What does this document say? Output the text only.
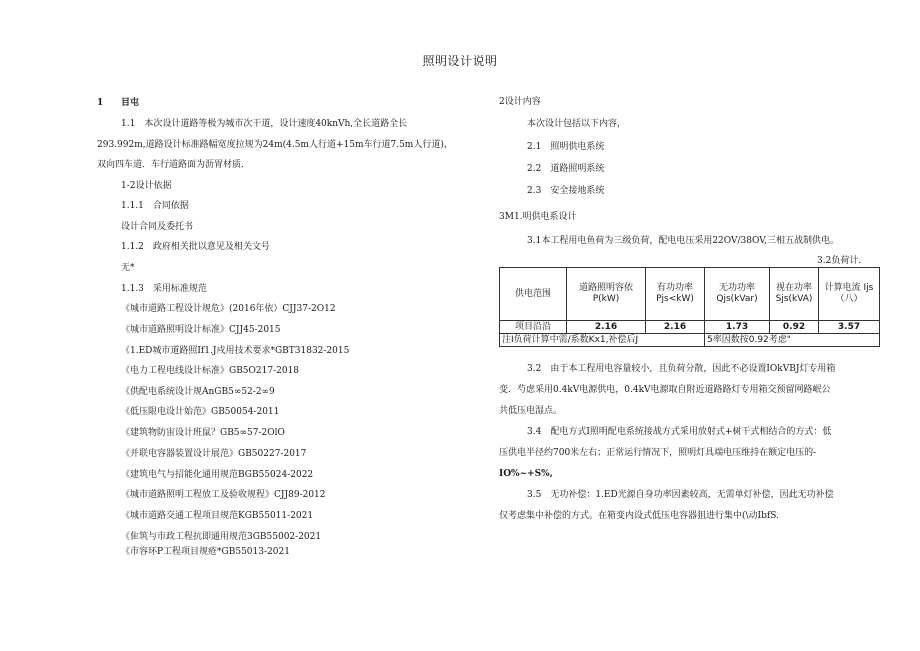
照明设计说明
1 目屯
1.1　本次设计道路等极为城市次干道，设计速度40knVh,全长道路全长
293.992m,道路设计标准路幅宽度拉规为24m(4.5m人行道+15m车行道7.5m人行道)，
双向四车道．车行道路面为沥胃材质．
1-2设计依据
1.1.1　合同依据
设计合同及委托书
1.1.2　政府相关批以意见及相关文号
无*
1.1.3　采用标准规范
《城市道路工程设计规危》(2016年依）CJJ37-2O12
《城市道路照明设计标准》CJJ45-2015
《1.ED城市道路照If1.J戍用技术要求*GBT31832-2015
《电力工程电线设计标准》GB5O217-2018
《供配电系统设计规AnGB5∞52-2∞9
《低压限电设计始范》GB50054-2011
《建筑物防宙设计班鼠？GB5∞57-2OlO
《并联电容器装置设计展范》GB50227-2017
《建筑电气与招能化通用规范BGB55024-2022
《城市道路照明工程放工及验收规程》CJJ89-2012
《城市道路交通工程项目规范KGB55011-2021
《隹筑与市政工程抗即通用规范3GB55002-2021
《市容环P工程项目规疮*GB55013-2021
2设计内容
本次设计包括以下内容，
2.1　照明供电系统
2.2　道路照明系统
2.3　安全接地系统
3M1.明供电系设计
3.1本工程用电鱼荷为三级负荷，配电电压采用22OV/38OV,三相五战制供电。
3.2负荷计.
供电范围	道路照明容依 P(kW)	有功功率 Pjs<kW)	无功功率 Qjs(kVar)	视在功率 Sjs(kVA)	计算电流 Ijs（八）
项目沿沿	2.16	2.16	1.73	0.92	3.57
注I负荷计算中需/系数Kx1,补偿后J			5率因数按0.92考虑"		
3.2　由于本工程用电容量较小，且负荷分散，因此不必设置IOkVBJ灯专用箱
变．芍虑采用0.4kV电源供电，0.4kV电源取自附近道路路灯专用箱交预留网路岷公
共低压电湿点。
3.4　配电方式I照明配电系统接战方式采用放射式+树干式相结合的方式：低
压供电半径约700米左右；正常运行情况下，照明灯具端电压维持在额定电压的-
IO%~+S%,
3.5　无功补偿：1.ED光源自身功率因素较高，无需单灯补偿，因此无功补偿
仅考虑集中补偿的方式。在箱变内设式低压电容器狙进行集中(\动IbfS.
